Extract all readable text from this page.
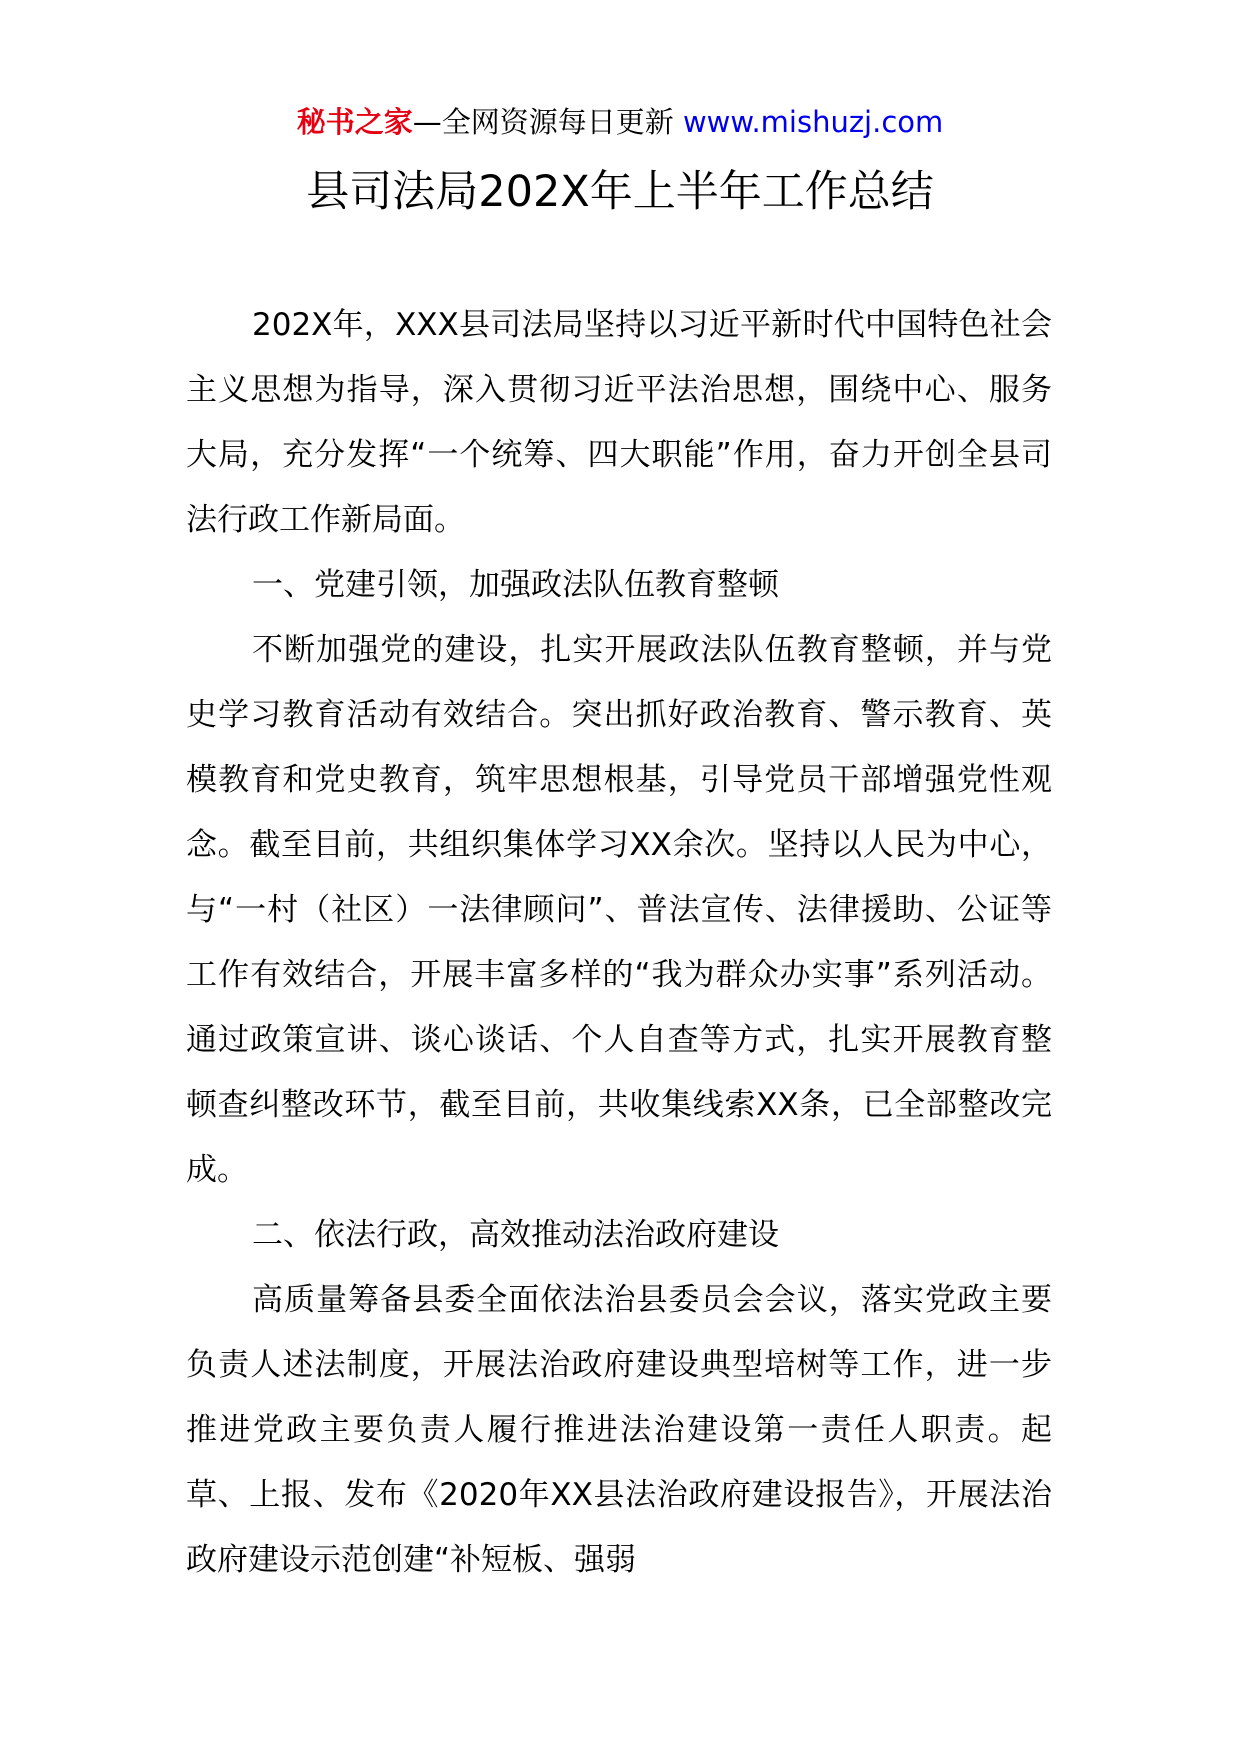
秘书之家—全网资源每日更新 www.mishuzj.com
县司法局202X年上半年工作总结

202X年，XXX县司法局坚持以习近平新时代中国特色社会主义思想为指导，深入贯彻习近平法治思想，围绕中心、服务大局，充分发挥“一个统筹、四大职能”作用，奋力开创全县司法行政工作新局面。

一、党建引领，加强政法队伍教育整顿

不断加强党的建设，扎实开展政法队伍教育整顿，并与党史学习教育活动有效结合。突出抓好政治教育、警示教育、英模教育和党史教育，筑牢思想根基，引导党员干部增强党性观念。截至目前，共组织集体学习XX余次。坚持以人民为中心，与“一村（社区）一法律顾问”、普法宣传、法律援助、公证等工作有效结合，开展丰富多样的“我为群众办实事”系列活动。通过政策宣讲、谈心谈话、个人自查等方式，扎实开展教育整顿查纠整改环节，截至目前，共收集线索XX条，已全部整改完成。

二、依法行政，高效推动法治政府建设

高质量筹备县委全面依法治县委员会会议，落实党政主要负责人述法制度，开展法治政府建设典型培树等工作，进一步推进党政主要负责人履行推进法治建设第一责任人职责。起草、上报、发布《2020年XX县法治政府建设报告》，开展法治政府建设示范创建“补短板、强弱
